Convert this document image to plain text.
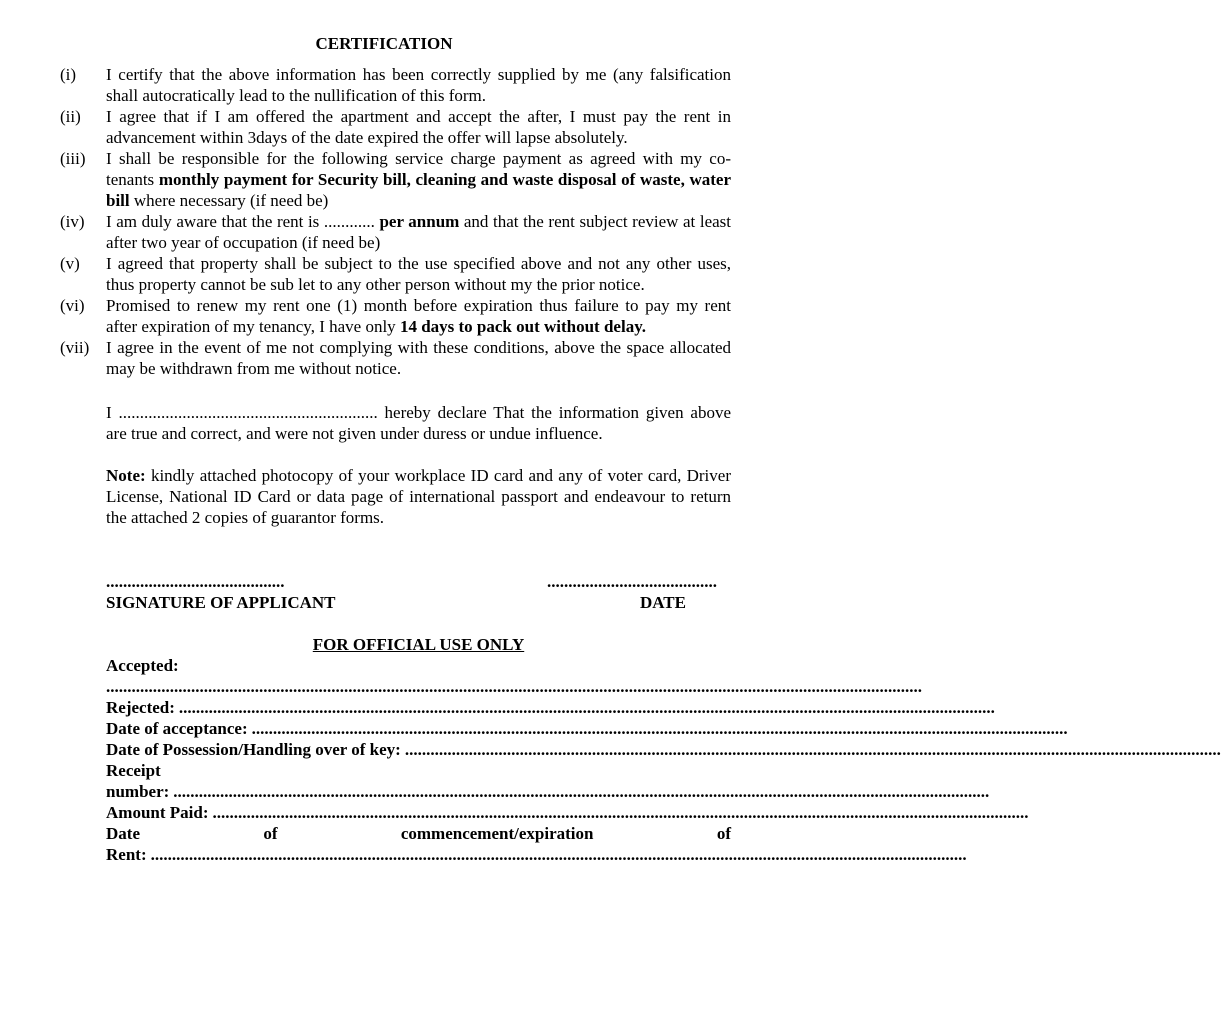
CERTIFICATION
(i)	I certify that the above information has been correctly supplied by me (any falsification shall autocratically lead to the nullification of this form.
(ii)	I agree that if I am offered the apartment and accept the after, I must pay the rent in advancement within 3days of the date expired the offer will lapse absolutely.
(iii)	I shall be responsible for the following service charge payment as agreed with my co-tenants monthly payment for Security bill, cleaning and waste disposal of waste, water bill where necessary (if need be)
(iv)	I am duly aware that the rent is ............ per annum and that the rent subject review at least after two year of occupation (if need be)
(v)	I agreed that property shall be subject to the use specified above and not any other uses, thus property cannot be sub let to any other person without my the prior notice.
(vi)	Promised to renew my rent one (1) month before expiration thus failure to pay my rent after expiration of my tenancy, I have only 14 days to pack out without delay.
(vii) I agree in the event of me not complying with these conditions, above the space allocated may be withdrawn from me without notice.
I ............................................................. hereby declare That the information given above are true and correct, and were not given under duress or undue influence.
Note: kindly attached photocopy of your workplace ID card and any of voter card, Driver License, National ID Card or data page of international passport and endeavour to return the attached 2 copies of guarantor forms.
..........................................	........................................
SIGNATURE OF APPLICANT	DATE
FOR OFFICIAL USE ONLY
Accepted:
................................................................................................................................................................................................
Rejected: ................................................................................................................................................................................................
Date of acceptance: ................................................................................................................................................................................................
Date of Possession/Handling over of key: ................................................................................................................................................................................................
Receipt
number: ................................................................................................................................................................................................
Amount Paid: ................................................................................................................................................................................................
Date	of	commencement/expiration	of
Rent: ................................................................................................................................................................................................
